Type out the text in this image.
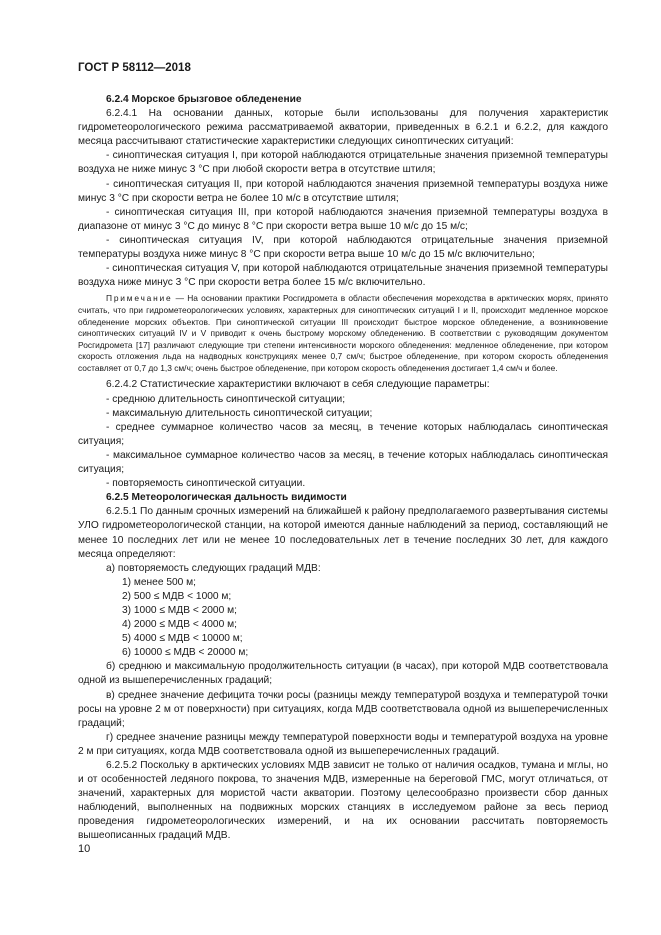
ГОСТ Р 58112—2018
6.2.4 Морское брызговое обледенение

6.2.4.1 На основании данных, которые были использованы для получения характеристик гидрометеорологического режима рассматриваемой акватории, приведенных в 6.2.1 и 6.2.2, для каждого месяца рассчитывают статистические характеристики следующих синоптических ситуаций:

- синоптическая ситуация I, при которой наблюдаются отрицательные значения приземной температуры воздуха не ниже минус 3 °С при любой скорости ветра в отсутствие штиля;

- синоптическая ситуация II, при которой наблюдаются значения приземной температуры воздуха ниже минус 3 °С при скорости ветра не более 10 м/с в отсутствие штиля;

- синоптическая ситуация III, при которой наблюдаются значения приземной температуры воздуха в диапазоне от минус 3 °С до минус 8 °С при скорости ветра выше 10 м/с до 15 м/с;

- синоптическая ситуация IV, при которой наблюдаются отрицательные значения приземной температуры воздуха ниже минус 8 °С при скорости ветра выше 10 м/с до 15 м/с включительно;

- синоптическая ситуация V, при которой наблюдаются отрицательные значения приземной температуры воздуха ниже минус 3 °С при скорости ветра более 15 м/с включительно.

Примечание — На основании практики Росгидромета в области обеспечения мореходства в арктических морях, принято считать, что при гидрометеорологических условиях, характерных для синоптических ситуаций I и II, происходит медленное морское обледенение морских объектов. При синоптической ситуации III происходит быстрое морское обледенение, а возникновение синоптических ситуаций IV и V приводит к очень быстрому морскому обледенению. В соответствии с руководящим документом Росгидромета [17] различают следующие три степени интенсивности морского обледенения: медленное обледенение, при котором скорость отложения льда на надводных конструкциях менее 0,7 см/ч; быстрое обледенение, при котором скорость обледенения составляет от 0,7 до 1,3 см/ч; очень быстрое обледенение, при котором скорость обледенения достигает 1,4 см/ч и более.

6.2.4.2 Статистические характеристики включают в себя следующие параметры:

- среднюю длительность синоптической ситуации;

- максимальную длительность синоптической ситуации;

- среднее суммарное количество часов за месяц, в течение которых наблюдалась синоптическая ситуация;

- максимальное суммарное количество часов за месяц, в течение которых наблюдалась синоптическая ситуация;

- повторяемость синоптической ситуации.

6.2.5 Метеорологическая дальность видимости

6.2.5.1 По данным срочных измерений на ближайшей к району предполагаемого развертывания системы УЛО гидрометеорологической станции, на которой имеются данные наблюдений за период, составляющий не менее 10 последних лет или не менее 10 последовательных лет в течение последних 30 лет, для каждого месяца определяют:

а) повторяемость следующих градаций МДВ:

1) менее 500 м;

2) 500 ≤ МДВ < 1000 м;

3) 1000 ≤ МДВ < 2000 м;

4) 2000 ≤ МДВ < 4000 м;

5) 4000 ≤ МДВ < 10000 м;

6) 10000 ≤ МДВ < 20000 м;

б) среднюю и максимальную продолжительность ситуации (в часах), при которой МДВ соответствовала одной из вышеперечисленных градаций;

в) среднее значение дефицита точки росы (разницы между температурой воздуха и температурой точки росы на уровне 2 м от поверхности) при ситуациях, когда МДВ соответствовала одной из вышеперечисленных градаций;

г) среднее значение разницы между температурой поверхности воды и температурой воздуха на уровне 2 м при ситуациях, когда МДВ соответствовала одной из вышеперечисленных градаций.

6.2.5.2 Поскольку в арктических условиях МДВ зависит не только от наличия осадков, тумана и мглы, но и от особенностей ледяного покрова, то значения МДВ, измеренные на береговой ГМС, могут отличаться, от значений, характерных для мористой части акватории. Поэтому целесообразно произвести сбор данных наблюдений, выполненных на подвижных морских станциях в исследуемом районе за весь период проведения гидрометеорологических измерений, и на их основании рассчитать повторяемость вышеописанных градаций МДВ.

10
